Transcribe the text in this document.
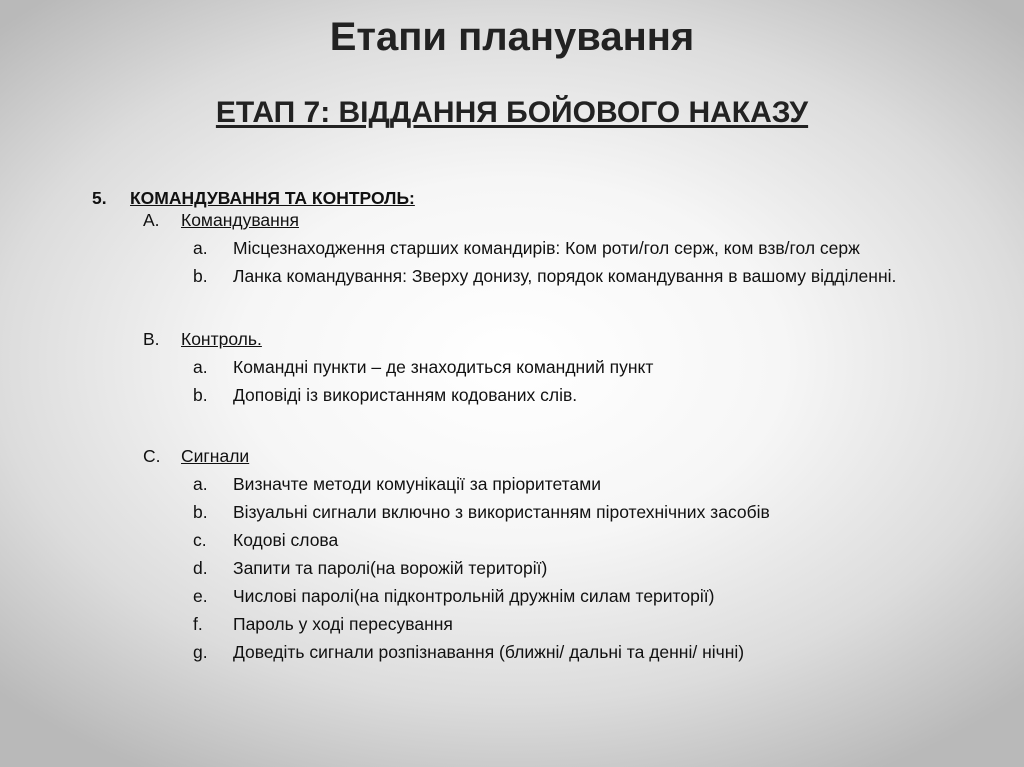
Етапи планування
ЕТАП 7: ВІДДАННЯ БОЙОВОГО НАКАЗУ
5.	КОМАНДУВАННЯ ТА КОНТРОЛЬ:
A.	Командування
a.	Місцезнаходження старших командирів: Ком роти/гол серж, ком взв/гол серж
b.	Ланка командування: Зверху донизу, порядок командування в вашому відділенні.
B.	Контроль.
a.	Командні пункти – де знаходиться командний пункт
b.	Доповіді із використанням кодованих слів.
C.	Сигнали
a.	Визначте методи комунікації за пріоритетами
b.	Візуальні сигнали включно з використанням піротехнічних засобів
c.	Кодові слова
d.	Запити та паролі(на ворожій території)
e.	Числові паролі(на підконтрольній дружнім силам території)
f.	Пароль у ході пересування
g.	Доведіть сигнали розпізнавання (ближні/ дальні та денні/ нічні)
